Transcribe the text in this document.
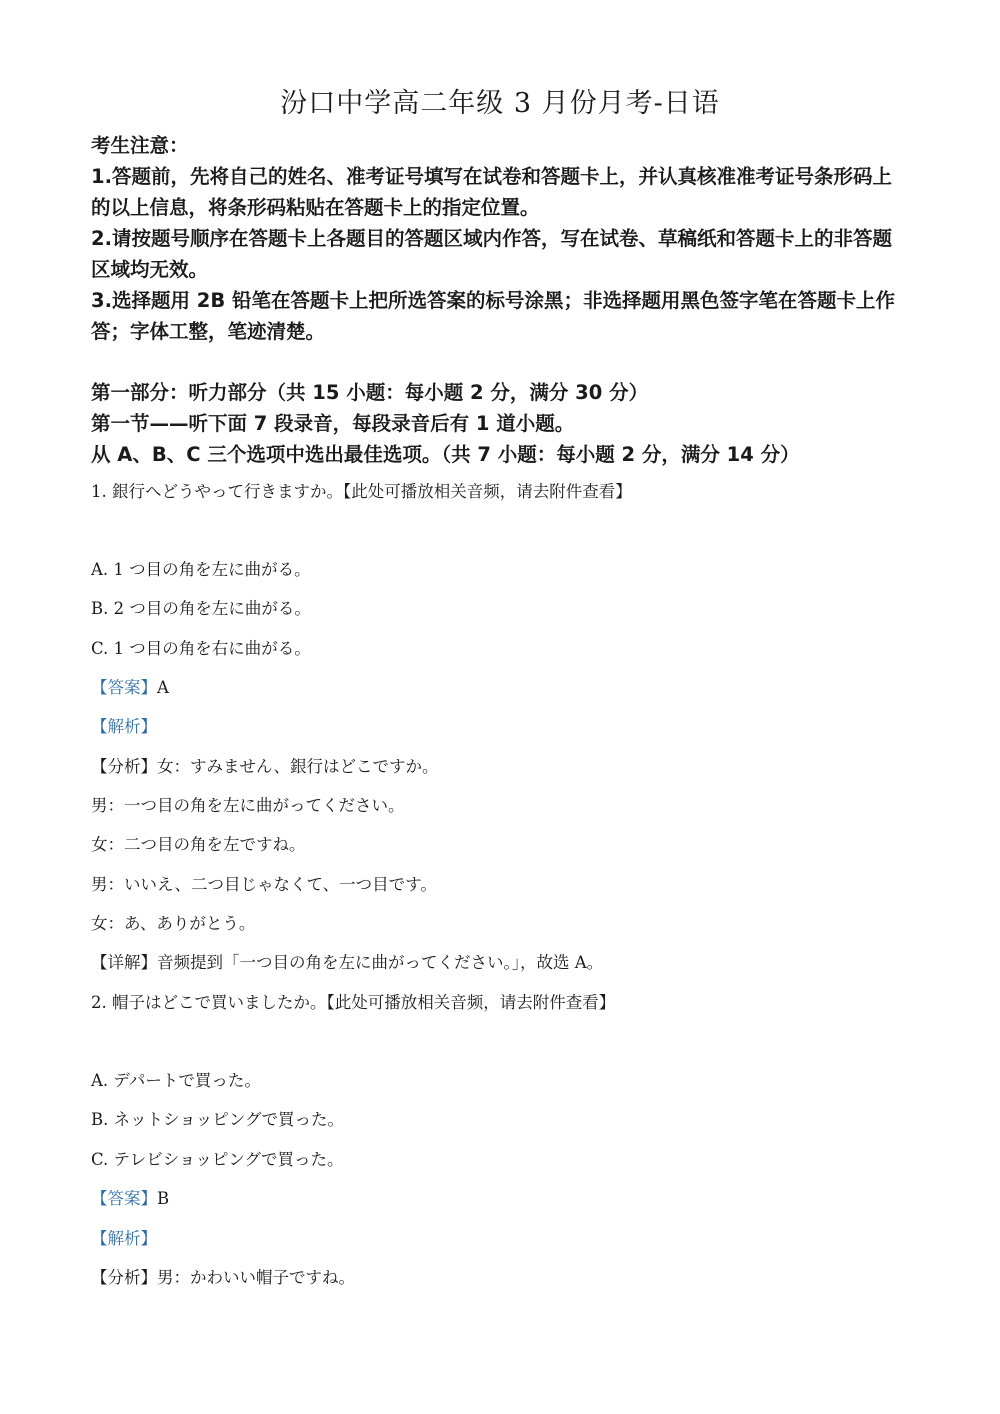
汾口中学高二年级 3 月份月考-日语

考生注意：

1.答题前，先将自己的姓名、准考证号填写在试卷和答题卡上，并认真核准准考证号条形码上的以上信息，将条形码粘贴在答题卡上的指定位置。

2.请按题号顺序在答题卡上各题目的答题区域内作答，写在试卷、草稿纸和答题卡上的非答题区域均无效。

3.选择题用 2B 铅笔在答题卡上把所选答案的标号涂黑；非选择题用黑色签字笔在答题卡上作答；字体工整，笔迹清楚。

第一部分：听力部分（共 15 小题：每小题 2 分，满分 30 分）

第一节——听下面 7 段录音，每段录音后有 1 道小题。

从 A、B、C 三个选项中选出最佳选项。（共 7 小题：每小题 2 分，满分 14 分）

1. 銀行へどうやって行きますか。【此处可播放相关音频，请去附件查看】
A. 1 つ目の角を左に曲がる。
B. 2 つ目の角を左に曲がる。
C. 1 つ目の角を右に曲がる。
【答案】A
【解析】
【分析】女：すみません、銀行はどこですか。
男：一つ目の角を左に曲がってください。
女：二つ目の角を左ですね。
男：いいえ、二つ目じゃなくて、一つ目です。
女：あ、ありがとう。
【详解】音频提到「一つ目の角を左に曲がってください。」，故选 A。
2. 帽子はどこで買いましたか。【此处可播放相关音频，请去附件查看】
A. デパートで買った。
B. ネットショッピングで買った。
C. テレビショッピングで買った。
【答案】B
【解析】
【分析】男：かわいい帽子ですね。
